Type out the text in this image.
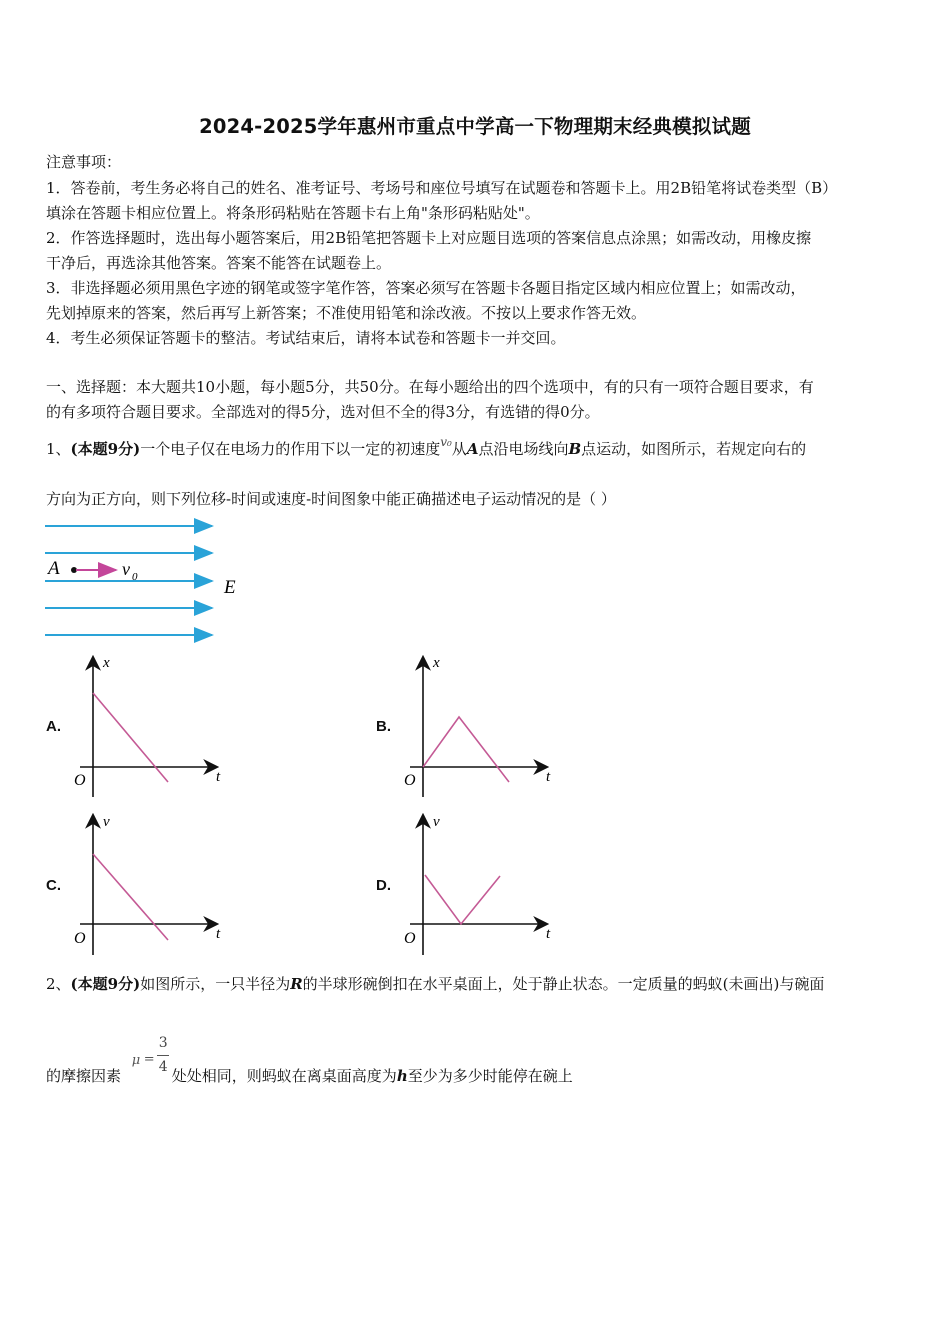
2024-2025学年惠州市重点中学高一下物理期末经典模拟试题
注意事项：
1．答卷前，考生务必将自己的姓名、准考证号、考场号和座位号填写在试题卷和答题卡上。用2B铅笔将试卷类型（B）
填涂在答题卡相应位置上。将条形码粘贴在答题卡右上角"条形码粘贴处"。
2．作答选择题时，选出每小题答案后，用2B铅笔把答题卡上对应题目选项的答案信息点涂黑；如需改动，用橡皮擦
干净后，再选涂其他答案。答案不能答在试题卷上。
3．非选择题必须用黑色字迹的钢笔或签字笔作答，答案必须写在答题卡各题目指定区域内相应位置上；如需改动，
先划掉原来的答案，然后再写上新答案；不准使用铅笔和涂改液。不按以上要求作答无效。
4．考生必须保证答题卡的整洁。考试结束后，请将本试卷和答题卡一并交回。
一、选择题：本大题共10小题，每小题5分，共50分。在每小题给出的四个选项中，有的只有一项符合题目要求，有
的有多项符合题目要求。全部选对的得5分，选对但不全的得3分，有选错的得0分。
1、(本题9分)一个电子仅在电场力的作用下以一定的初速度$^{v_0}$从A点沿电场线向B点运动，如图所示，若规定向右的
方向为正方向，则下列位移-时间或速度-时间图象中能正确描述电子运动情况的是（ ）
A	v 0	E
A.
x
t
O
B.
x
t
O
C.
v
t
O
D.
v
t
O
2、(本题9分)如图所示，一只半径为R的半球形碗倒扣在水平桌面上，处于静止状态。一定质量的蚂蚁(未画出)与碗面
的摩擦因素
μ =
3
4 处处相同，则蚂蚁在离桌面高度为h至少为多少时能停在碗上
